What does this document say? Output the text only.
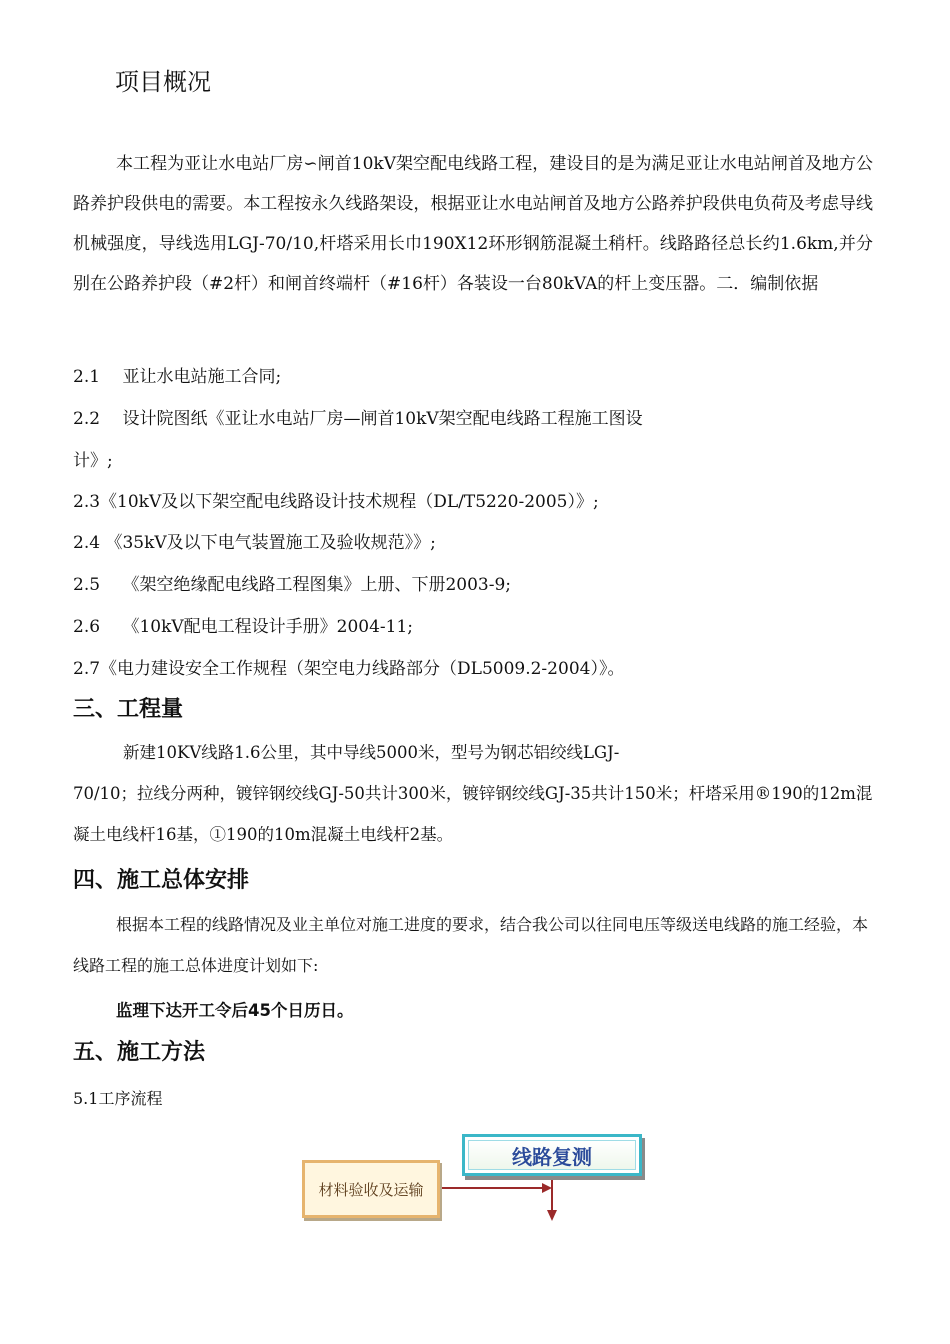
项目概况

本工程为亚让水电站厂房∽闸首10kV架空配电线路工程，建设目的是为满足亚让水电站闸首及地方公路养护段供电的需要。本工程按永久线路架设，根据亚让水电站闸首及地方公路养护段供电负荷及考虑导线机械强度，导线选用LGJ-70/10,杆塔采用长巾190X12环形钢筋混凝土稍杆。线路路径总长约1.6km,并分别在公路养护段（#2杆）和闸首终端杆（#16杆）各装设一台80kVA的杆上变压器。二．编制依据

2.1　 亚让水电站施工合同;

2.2　 设计院图纸《亚让水电站厂房—闸首10kV架空配电线路工程施工图设

计》;

2.3《10kV及以下架空配电线路设计技术规程（DL/T5220-2005）》;

2.4 《35kV及以下电气装置施工及验收规范》》;

2.5　 《架空绝缘配电线路工程图集》上册、下册2003-9;

2.6　 《10kV配电工程设计手册》2004-11;

2.7《电力建设安全工作规程（架空电力线路部分（DL5009.2-2004）》。

三、工程量
新建10KV线路1.6公里，其中导线5000米，型号为钢芯铝绞线LGJ-
70/10；拉线分两种，镀锌钢绞线GJ-50共计300米，镀锌钢绞线GJ-35共计150米；杆塔采用®190的12m混凝土电线杆16基，①190的10m混凝土电线杆2基。
四、施工总体安排

根据本工程的线路情况及业主单位对施工进度的要求，结合我公司以往同电压等级送电线路的施工经验，本线路工程的施工总体进度计划如下:

监理下达开工令后45个日历日。

五、施工方法

5.1工序流程

线路复测
材料验收及运输
